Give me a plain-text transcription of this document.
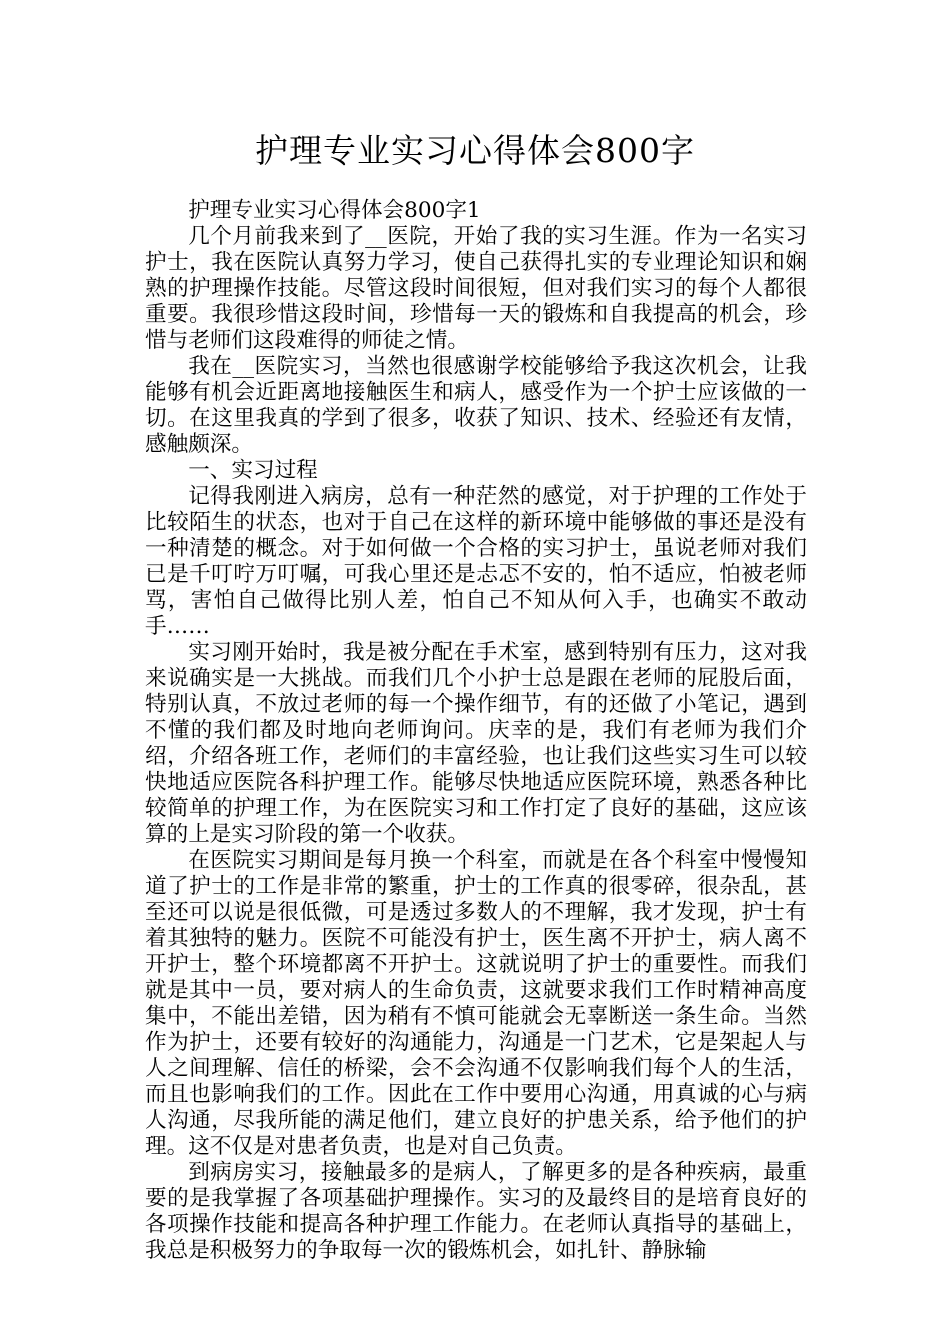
护理专业实习心得体会800字

护理专业实习心得体会800字1

几个月前我来到了__医院，开始了我的实习生涯。作为一名实习护士，我在医院认真努力学习，使自己获得扎实的专业理论知识和娴熟的护理操作技能。尽管这段时间很短，但对我们实习的每个人都很重要。我很珍惜这段时间，珍惜每一天的锻炼和自我提高的机会，珍惜与老师们这段难得的师徒之情。

我在__医院实习，当然也很感谢学校能够给予我这次机会，让我能够有机会近距离地接触医生和病人，感受作为一个护士应该做的一切。在这里我真的学到了很多，收获了知识、技术、经验还有友情，感触颇深。

一、实习过程

记得我刚进入病房，总有一种茫然的感觉，对于护理的工作处于比较陌生的状态，也对于自己在这样的新环境中能够做的事还是没有一种清楚的概念。对于如何做一个合格的实习护士，虽说老师对我们已是千叮咛万叮嘱，可我心里还是忐忑不安的，怕不适应，怕被老师骂，害怕自己做得比别人差，怕自己不知从何入手，也确实不敢动手……

实习刚开始时，我是被分配在手术室，感到特别有压力，这对我来说确实是一大挑战。而我们几个小护士总是跟在老师的屁股后面，特别认真，不放过老师的每一个操作细节，有的还做了小笔记，遇到不懂的我们都及时地向老师询问。庆幸的是，我们有老师为我们介绍，介绍各班工作，老师们的丰富经验，也让我们这些实习生可以较快地适应医院各科护理工作。能够尽快地适应医院环境，熟悉各种比较简单的护理工作，为在医院实习和工作打定了良好的基础，这应该算的上是实习阶段的第一个收获。

在医院实习期间是每月换一个科室，而就是在各个科室中慢慢知道了护士的工作是非常的繁重，护士的工作真的很零碎，很杂乱，甚至还可以说是很低微，可是透过多数人的不理解，我才发现，护士有着其独特的魅力。医院不可能没有护士，医生离不开护士，病人离不开护士，整个环境都离不开护士。这就说明了护士的重要性。而我们就是其中一员，要对病人的生命负责，这就要求我们工作时精神高度集中，不能出差错，因为稍有不慎可能就会无辜断送一条生命。当然作为护士，还要有较好的沟通能力，沟通是一门艺术，它是架起人与人之间理解、信任的桥梁，会不会沟通不仅影响我们每个人的生活，而且也影响我们的工作。因此在工作中要用心沟通，用真诚的心与病人沟通，尽我所能的满足他们，建立良好的护患关系，给予他们的护理。这不仅是对患者负责，也是对自己负责。

到病房实习，接触最多的是病人，了解更多的是各种疾病，最重要的是我掌握了各项基础护理操作。实习的及最终目的是培育良好的各项操作技能和提高各种护理工作能力。在老师认真指导的基础上，我总是积极努力的争取每一次的锻炼机会，如扎针、静脉输
